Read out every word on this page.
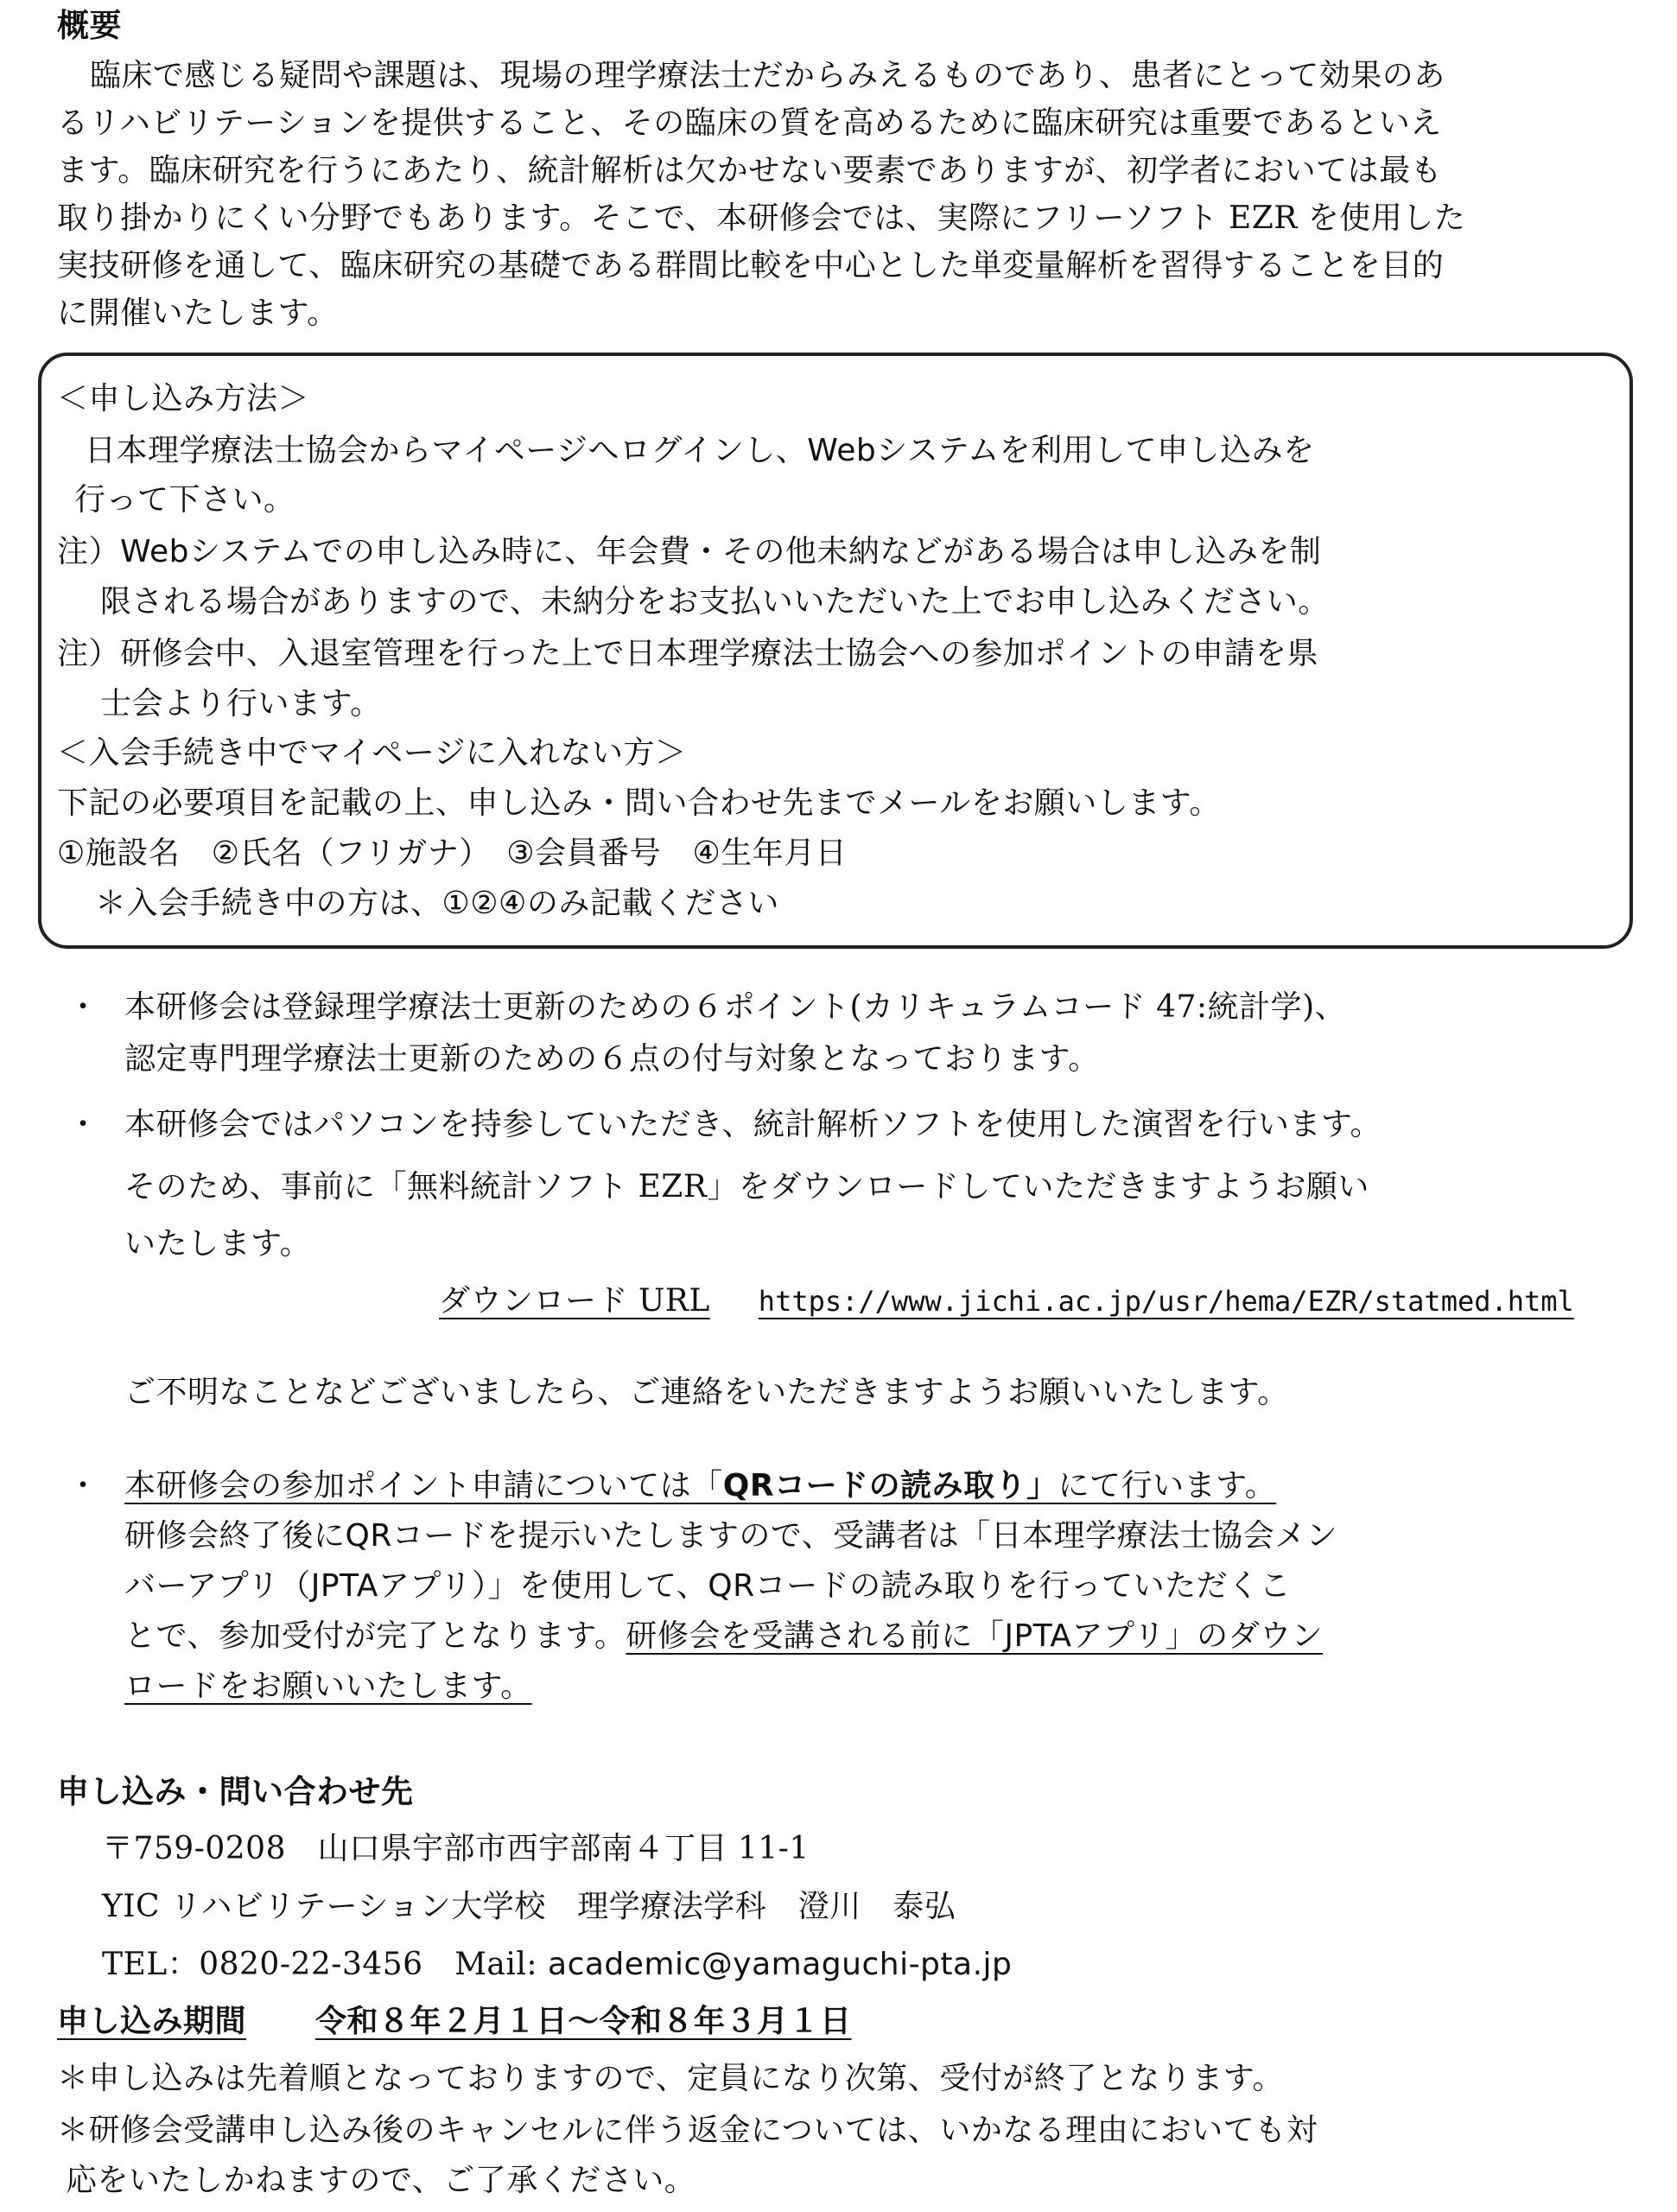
概要
臨床で感じる疑問や課題は、現場の理学療法士だからみえるものであり、患者にとって効果のあ
るリハビリテーションを提供すること、その臨床の質を高めるために臨床研究は重要であるといえ
ます。臨床研究を行うにあたり、統計解析は欠かせない要素でありますが、初学者においては最も
取り掛かりにくい分野でもあります。そこで、本研修会では、実際にフリーソフト EZR を使用した
実技研修を通して、臨床研究の基礎である群間比較を中心とした単変量解析を習得することを目的
に開催いたします。
＜申し込み方法＞
日本理学療法士協会からマイページへログインし、Webシステムを利用して申し込みを
行って下さい。
注）Webシステムでの申し込み時に、年会費・その他未納などがある場合は申し込みを制
限される場合がありますので、未納分をお支払いいただいた上でお申し込みください。
注）研修会中、入退室管理を行った上で日本理学療法士協会への参加ポイントの申請を県
士会より行います。
＜入会手続き中でマイページに入れない方＞
下記の必要項目を記載の上、申し込み・問い合わせ先までメールをお願いします。
①施設名　②氏名（フリガナ）　③会員番号　④生年月日
＊入会手続き中の方は、①②④のみ記載ください
・ 本研修会は登録理学療法士更新のための６ポイント(カリキュラムコード 47:統計学)、
認定専門理学療法士更新のための６点の付与対象となっております。
・ 本研修会ではパソコンを持参していただき、統計解析ソフトを使用した演習を行います。
そのため、事前に「無料統計ソフト EZR」をダウンロードしていただきますようお願い
いたします。
ダウンロード URL https://www.jichi.ac.jp/usr/hema/EZR/statmed.html
ご不明なことなどございましたら、ご連絡をいただきますようお願いいたします。
・ 本研修会の参加ポイント申請については「QRコードの読み取り」にて行います。
研修会終了後にQRコードを提示いたしますので、受講者は「日本理学療法士協会メン
バーアプリ（JPTAアプリ）」を使用して、QRコードの読み取りを行っていただくこ
とで、参加受付が完了となります。研修会を受講される前に「JPTAアプリ」のダウン
ロードをお願いいたします。
申し込み・問い合わせ先
〒759-0208　山口県宇部市西宇部南４丁目 11-1
YIC リハビリテーション大学校　理学療法学科　澄川　泰弘
TEL：0820-22-3456　Mail: academic@yamaguchi-pta.jp
申し込み期間 令和８年２月１日～令和８年３月１日
＊申し込みは先着順となっておりますので、定員になり次第、受付が終了となります。
＊研修会受講申し込み後のキャンセルに伴う返金については、いかなる理由においても対
応をいたしかねますので、ご了承ください。
